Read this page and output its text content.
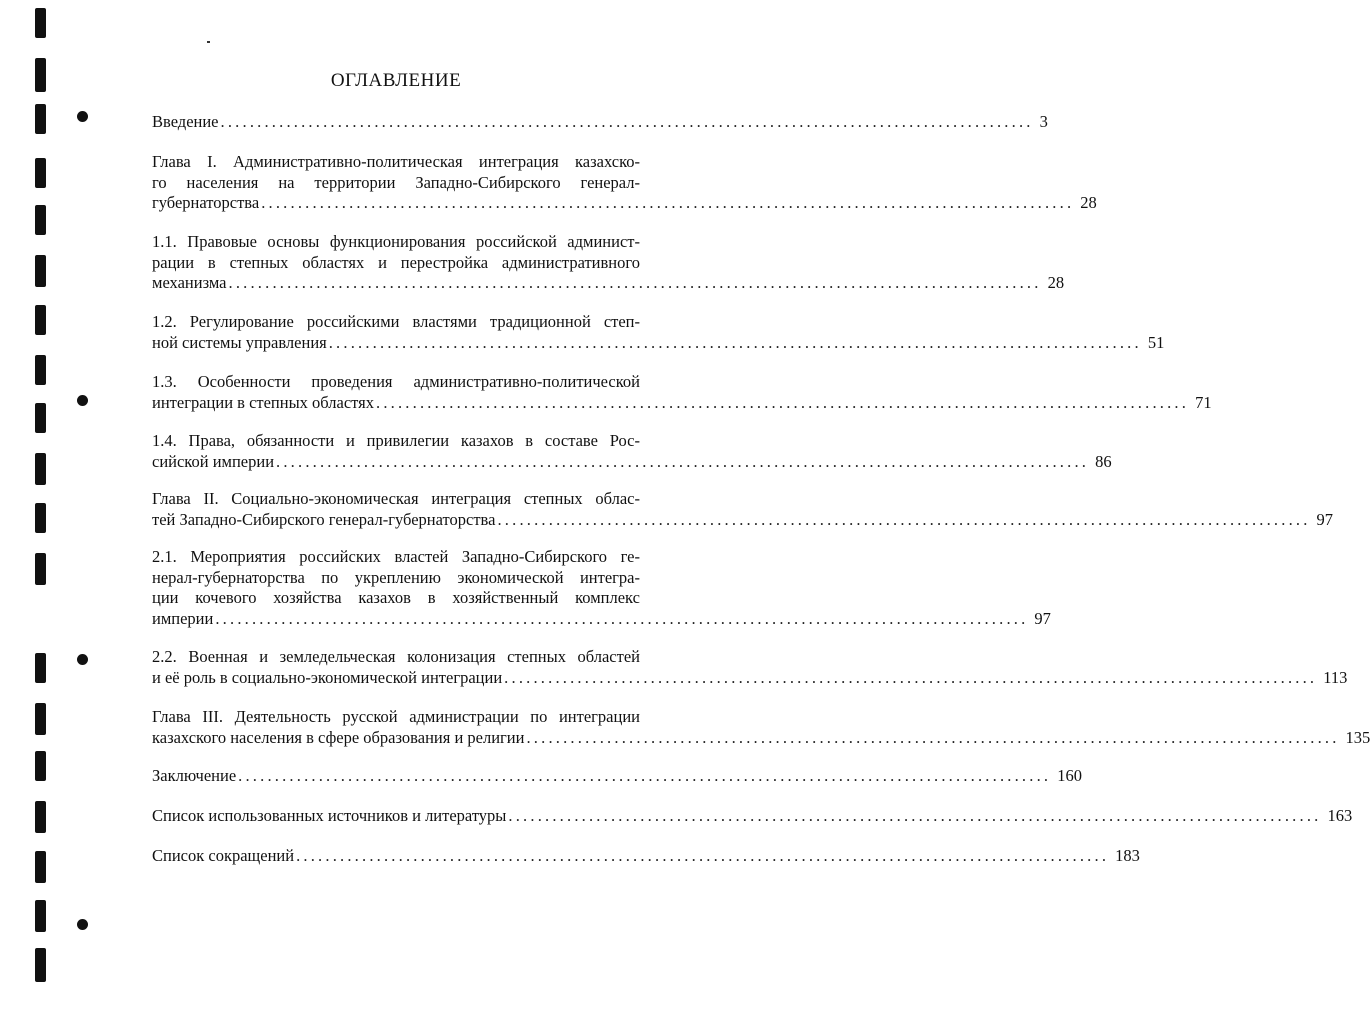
ОГЛАВЛЕНИЕ
Введение ............................................................................................................... 3
Глава I. Административно-политическая интеграция казахско-
го населения на территории Западно-Сибирского генерал-
губернаторства ............................................................................................................... 28
1.1. Правовые основы функционирования российской админист-
рации в степных областях и перестройка административного
механизма ............................................................................................................... 28
1.2. Регулирование российскими властями традиционной степ-
ной системы управления ............................................................................................................... 51
1.3. Особенности проведения административно-политической
интеграции в степных областях ............................................................................................................... 71
1.4. Права, обязанности и привилегии казахов в составе Рос-
сийской империи ............................................................................................................... 86
Глава II. Социально-экономическая интеграция степных облас-
тей Западно-Сибирского генерал-губернаторства ............................................................................................................... 97
2.1. Мероприятия российских властей Западно-Сибирского ге-
нерал-губернаторства по укреплению экономической интегра-
ции кочевого хозяйства казахов в хозяйственный комплекс
империи ............................................................................................................... 97
2.2. Военная и земледельческая колонизация степных областей
и её роль в социально-экономической интеграции ............................................................................................................... 113
Глава III. Деятельность русской администрации по интеграции
казахского населения в сфере образования и религии ............................................................................................................... 135
Заключение ............................................................................................................... 160
Список использованных источников и литературы ............................................................................................................... 163
Список сокращений ............................................................................................................... 183
